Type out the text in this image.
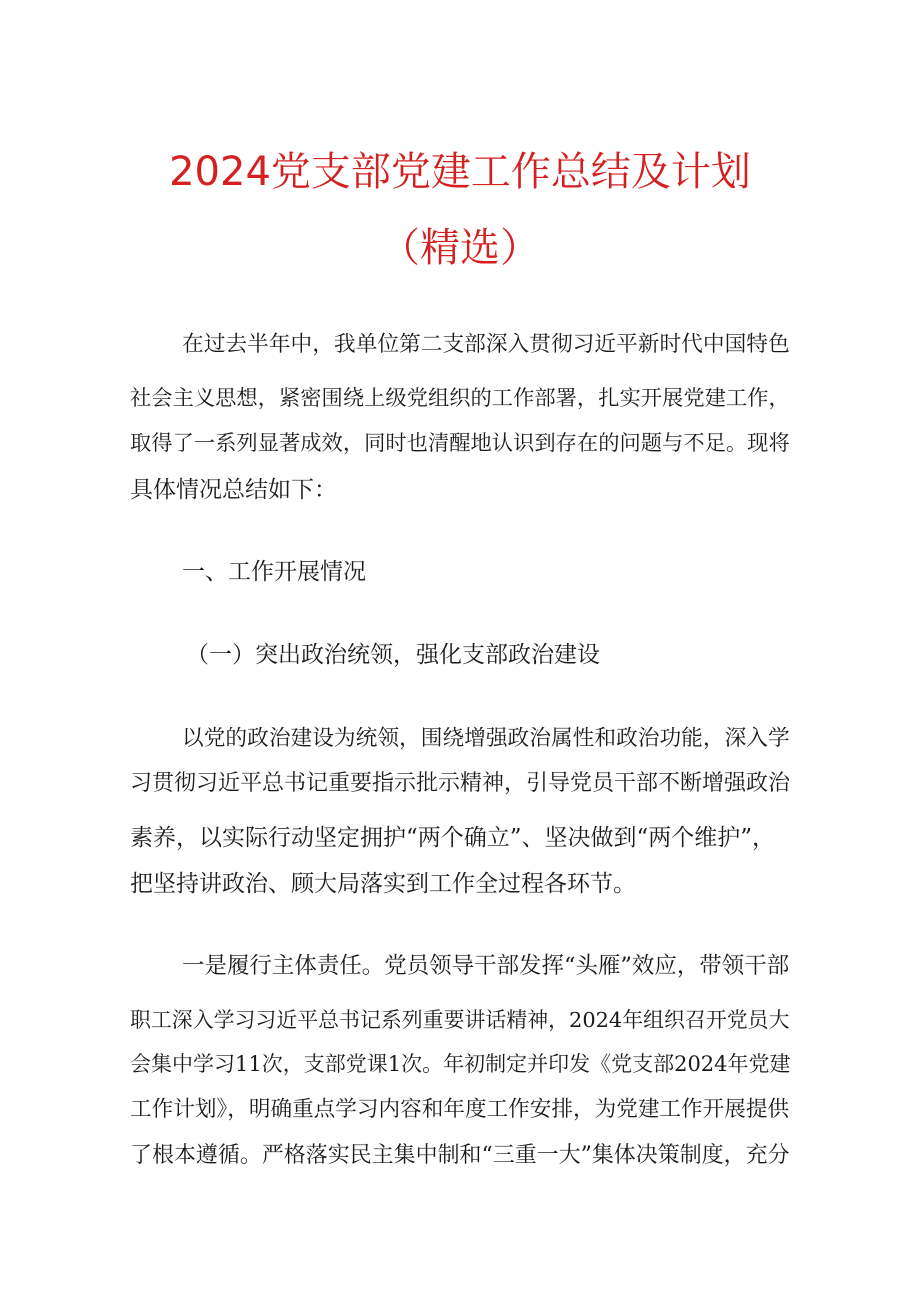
2024党支部党建工作总结及计划
（精选）
在过去半年中，我单位第二支部深入贯彻习近平新时代中国特色
社会主义思想，紧密围绕上级党组织的工作部署，扎实开展党建工作，
取得了一系列显著成效，同时也清醒地认识到存在的问题与不足。现将
具体情况总结如下：
一、工作开展情况
（一）突出政治统领，强化支部政治建设
以党的政治建设为统领，围绕增强政治属性和政治功能，深入学
习贯彻习近平总书记重要指示批示精神，引导党员干部不断增强政治
素养，以实际行动坚定拥护“两个确立”、坚决做到“两个维护”，
把坚持讲政治、顾大局落实到工作全过程各环节。
一是履行主体责任。党员领导干部发挥“头雁”效应，带领干部
职工深入学习习近平总书记系列重要讲话精神，2024年组织召开党员大
会集中学习11次，支部党课1次。年初制定并印发《党支部2024年党建
工作计划》，明确重点学习内容和年度工作安排，为党建工作开展提供
了根本遵循。严格落实民主集中制和“三重一大”集体决策制度，充分
